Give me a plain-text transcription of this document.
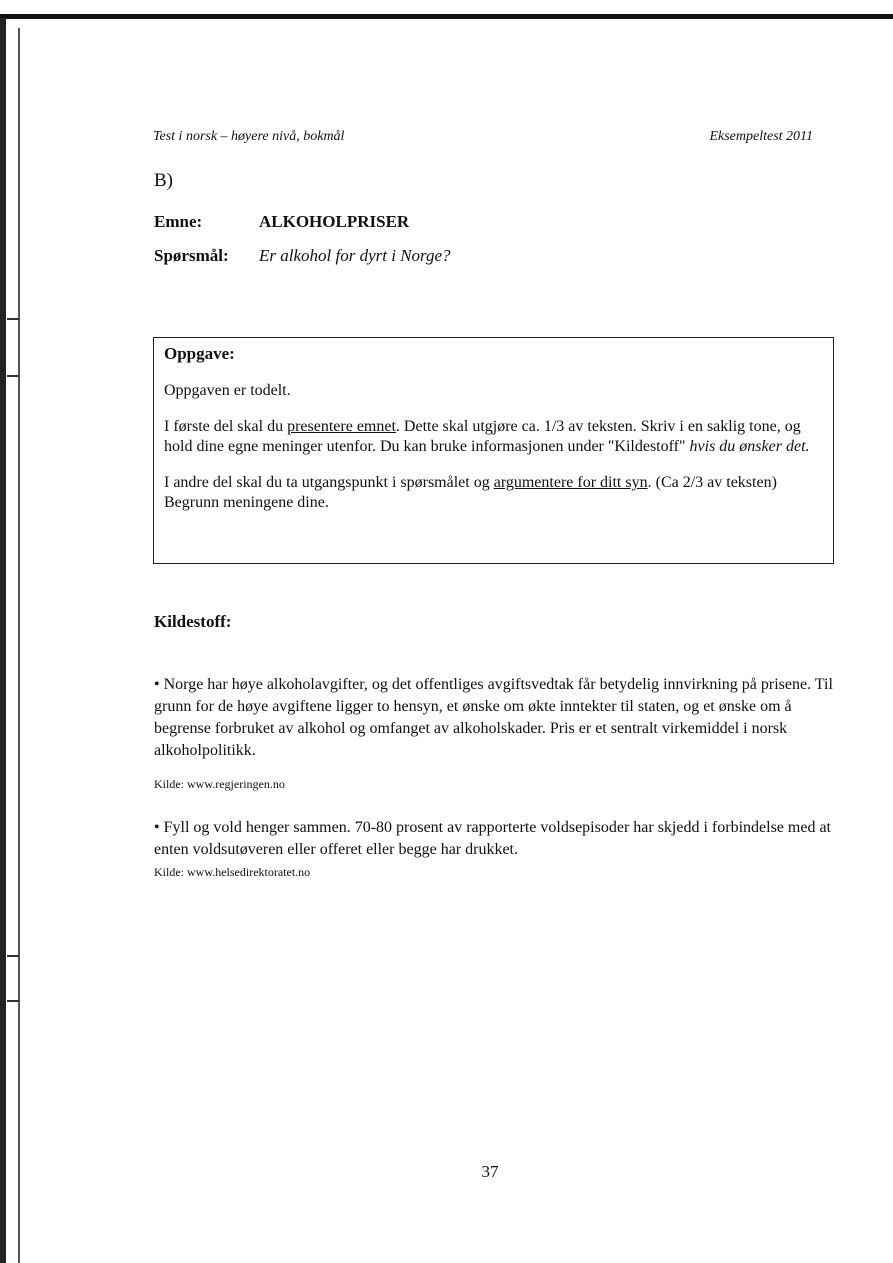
Test i norsk – høyere nivå, bokmål	Eksempeltest 2011
B)
Emne:	ALKOHOLPRISER
Spørsmål:	Er alkohol for dyrt i Norge?
Oppgave:

Oppgaven er todelt.

I første del skal du presentere emnet. Dette skal utgjøre ca. 1/3 av teksten. Skriv i en saklig tone, og hold dine egne meninger utenfor. Du kan bruke informasjonen under "Kildestoff" hvis du ønsker det.

I andre del skal du ta utgangspunkt i spørsmålet og argumentere for ditt syn. (Ca 2/3 av teksten)
Begrunn meningene dine.

Kildestoff:
• Norge har høye alkoholavgifter, og det offentliges avgiftsvedtak får betydelig innvirkning på prisene. Til grunn for de høye avgiftene ligger to hensyn, et ønske om økte inntekter til staten, og et ønske om å begrense forbruket av alkohol og omfanget av alkoholskader. Pris er et sentralt virkemiddel i norsk alkoholpolitikk.
Kilde: www.regjeringen.no
• Fyll og vold henger sammen. 70-80 prosent av rapporterte voldsepisoder har skjedd i forbindelse med at enten voldsutøveren eller offeret eller begge har drukket.
Kilde: www.helsedirektoratet.no
37
